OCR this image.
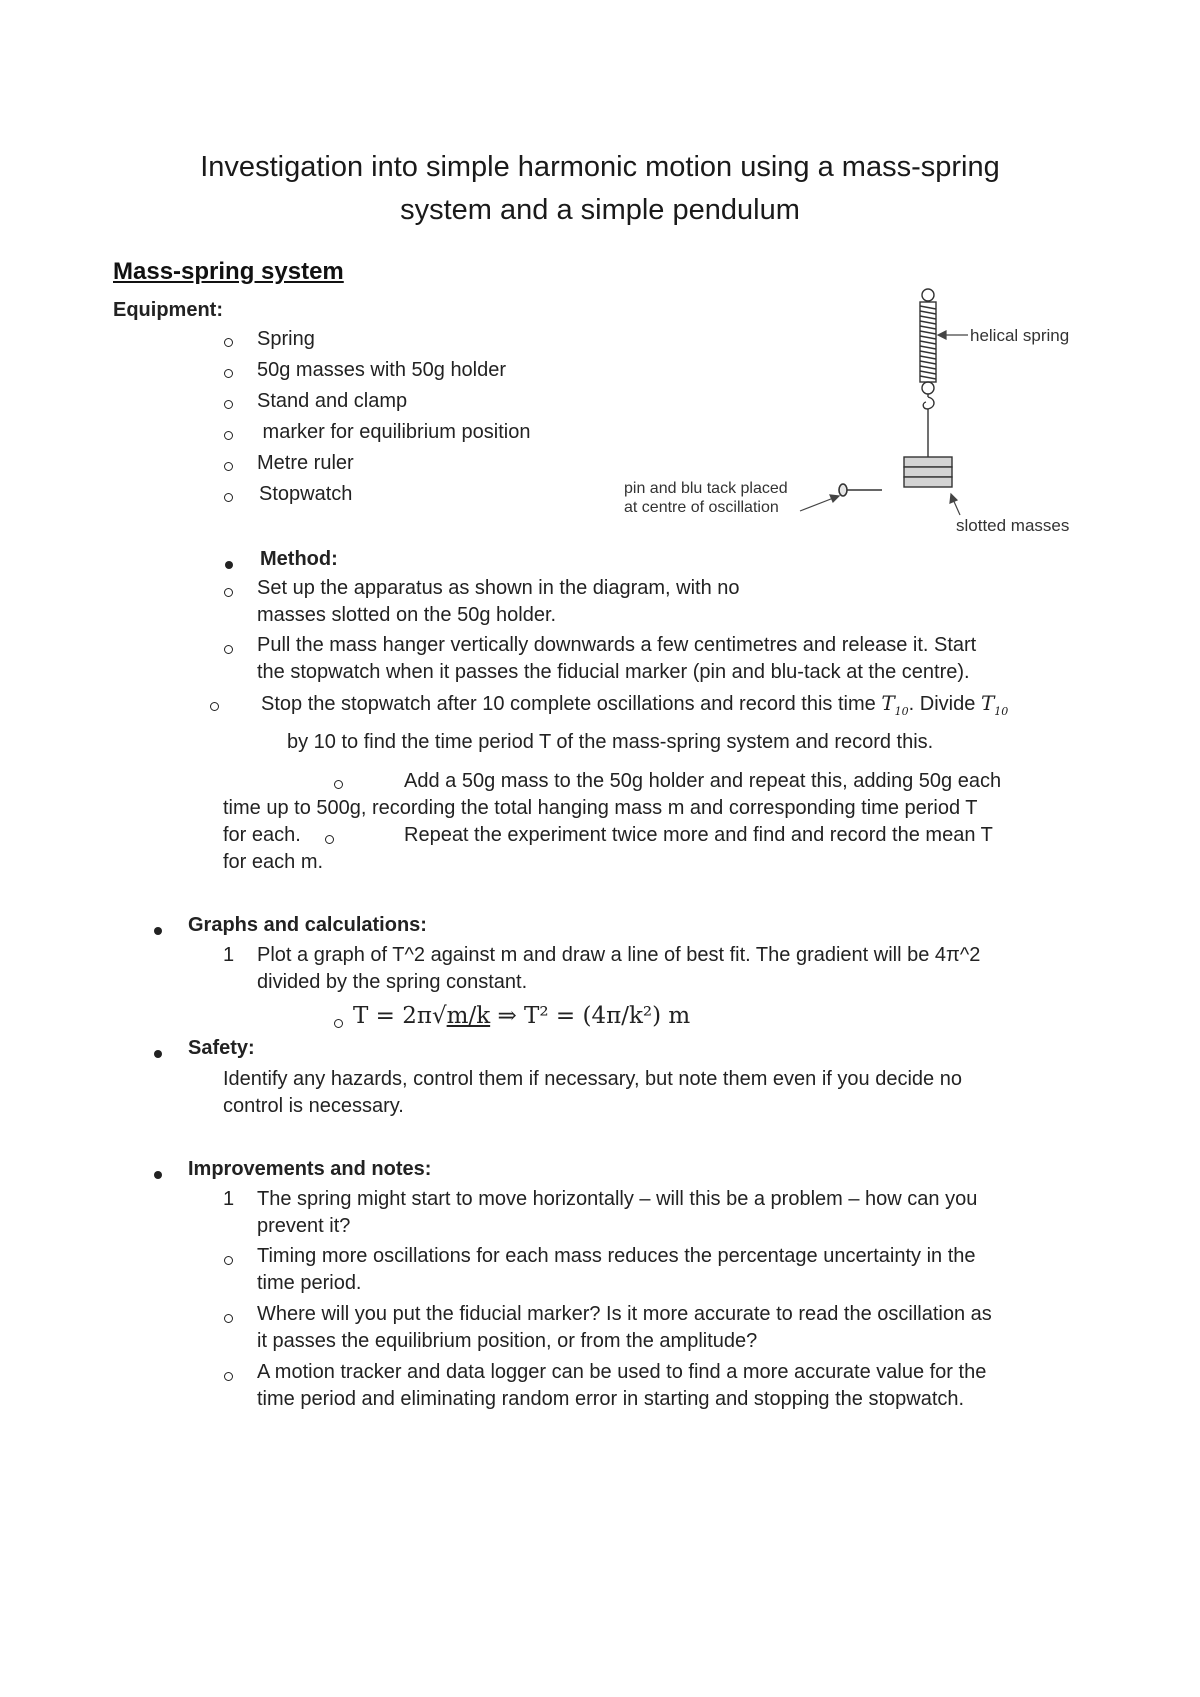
Investigation into simple harmonic motion using a mass-spring
system and a simple pendulum
Mass-spring system
Equipment:
Spring
50g masses with 50g holder
Stand and clamp
marker for equilibrium position
Metre ruler
Stopwatch
helical spring
pin and blu tack placed
at centre of oscillation
slotted masses
Method:
Set up the apparatus as shown in the diagram, with no
masses slotted on the 50g holder.
Pull the mass hanger vertically downwards a few centimetres and release it. Start
the stopwatch when it passes the fiducial marker (pin and blu-tack at the centre).
Stop the stopwatch after 10 complete oscillations and record this time $T_{10}$. Divide $T_{10}$
by 10 to find the time period T of the mass-spring system and record this.
Add a 50g mass to the 50g holder and repeat this, adding 50g each
time up to 500g, recording the total hanging mass m and corresponding time period T
for each.	Repeat the experiment twice more and find and record the mean T
for each m.
Graphs and calculations:
1 Plot a graph of T^2 against m and draw a line of best fit. The gradient will be 4π^2
divided by the spring constant.
T = 2π√m/k ⇒ T² = (4π/k²) m
Safety:
Identify any hazards, control them if necessary, but note them even if you decide no
control is necessary.
Improvements and notes:
1 The spring might start to move horizontally – will this be a problem – how can you
prevent it?
Timing more oscillations for each mass reduces the percentage uncertainty in the
time period.
Where will you put the fiducial marker? Is it more accurate to read the oscillation as
it passes the equilibrium position, or from the amplitude?
A motion tracker and data logger can be used to find a more accurate value for the
time period and eliminating random error in starting and stopping the stopwatch.
